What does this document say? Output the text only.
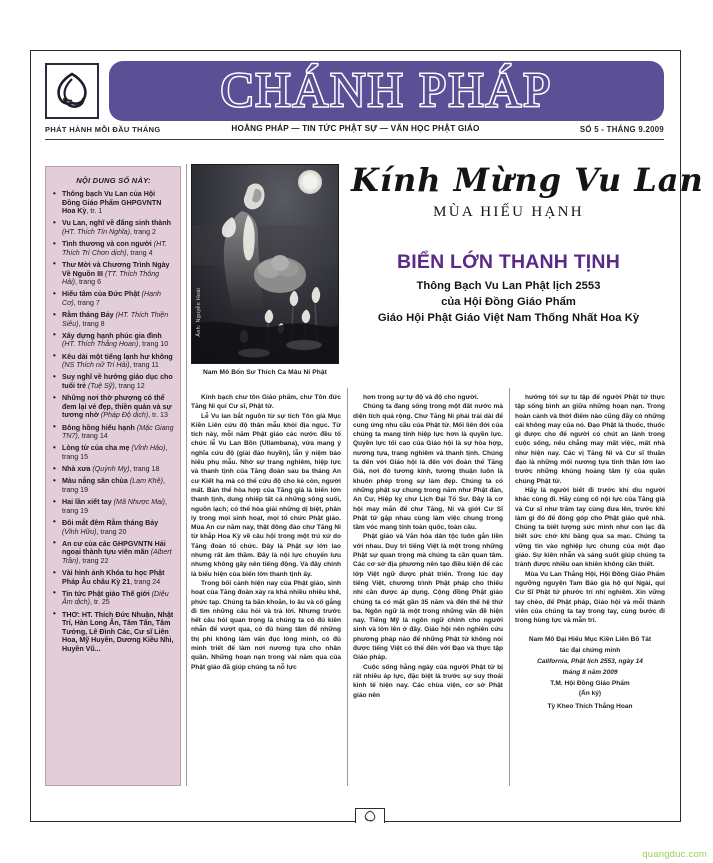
CHÁNH PHÁP
PHÁT HÀNH MỖI ĐẦU THÁNG	HOẰNG PHÁP — TIN TỨC PHẬT SỰ — VĂN HỌC PHẬT GIÁO	SỐ 5 - THÁNG 9.2009
NỘI DUNG SỐ NÀY:
• Thông bạch Vu Lan của Hội Đồng Giáo Phẩm GHPGVNTN Hoa Kỳ, tr. 1
• Vu Lan, nghĩ về đấng sinh thành (HT. Thích Tín Nghĩa), trang 2
• Tình thương và con người (HT. Thích Trí Chơn dịch), trang 4
• Thư Mời và Chương Trình Ngày Về Nguồn III (TT. Thích Thông Hải), trang 6
• Hiếu tâm của Đức Phật (Hạnh Cơ), trang 7
• Rằm tháng Bảy (HT. Thích Thiện Siêu), trang 8
• Xây dựng hạnh phúc gia đình (HT. Thích Thắng Hoan), trang 10
• Kêu dài một tiếng lạnh hư không (NS Thích nữ Trí Hải), trang 11
• Suy nghĩ về hướng giáo dục cho tuổi trẻ (Tuệ Sỹ), trang 12
• Những nơi thờ phượng có thể đem lại vẻ đẹp, thiền quán và sự tương nhờ (Pháp Độ dịch), tr. 13
• Bông hồng hiếu hạnh (Mặc Giang TN7), trang 14
• Lòng từ của cha mẹ (Vĩnh Hảo), trang 15
• Nhà xưa (Quỳnh Mỵ), trang 18
• Màu nắng sân chùa (Lam Khê), trang 19
• Hai lần xiết tay (Mã Nhược Mai), trang 19
• Đôi mắt đêm Rằm tháng Bảy (Vĩnh Hữu), trang 20
• An cư của các GHPGVNTN Hải ngoại thành tựu viên mãn (Albert Trần), trang 22
• Vài hình ảnh Khóa tu học Phật Pháp Âu châu Kỳ 21, trang 24
• Tin tức Phật giáo Thế giới (Diệu Âm dịch), tr. 25
• THƠ: HT. Thích Đức Nhuận, Nhật Trí, Hàn Long Ẩn, Tâm Tấn, Tâm Tưởng, Lê Đình Các, Cư sĩ Liên Hoa, Mỹ Huyền, Dương Kiều Nhi, Huyền Vũ...
Ảnh: Nguyễn Hoài
Nam Mô Bổn Sư Thích Ca Mâu Ni Phật
Kính Mừng Vu Lan
MÙA HIẾU HẠNH
BIỂN LỚN THANH TỊNH
Thông Bạch Vu Lan Phật lịch 2553
của Hội Đồng Giáo Phẩm
Giáo Hội Phật Giáo Việt Nam Thống Nhất Hoa Kỳ

Kính bạch chư tôn Giáo phẩm, chư Tôn đức Tăng Ni quí Cư sĩ, Phật tử.

Lễ Vu lan bắt nguồn từ sự tích Tôn giả Mục Kiền Liên cứu độ thân mẫu khỏi địa ngục. Từ tích này, mỗi năm Phật giáo các nước đều tổ chức lễ Vu Lan Bồn (Ullambana), vừa mang ý nghĩa cứu độ (giải đảo huyền), lẫn ý niệm báo hiếu phụ mẫu. Nhờ sự trang nghiêm, hiệp lực và thanh tịnh của Tăng đoàn sau ba tháng An cư Kiết hạ mà có thể cứu độ cho kẻ còn, người mất. Bản thể hòa hợp của Tăng già là biển lớn thanh tịnh, dung nhiếp tất cả những sông suối, nguồn lạch; có thể hòa giải những dị biệt, phân ly trong mọi sinh hoạt, mọi tổ chức Phật giáo. Mùa An cư năm nay, thật đông đảo chư Tăng Ni từ khắp Hoa Kỳ về câu hội trong một trú xứ do Tăng đoàn tổ chức. Đây là Phật sự lớn lao nhưng rất âm thầm. Đây là nội lực chuyển lưu nhưng không gây nên tiếng động. Và đây chính là biểu hiện của biển lớn thanh tịnh ấy.

Trong bối cảnh hiện nay của Phật giáo, sinh hoạt của Tăng đoàn xảy ra khá nhiều nhiêu khê, phức tạp. Chúng ta băn khoăn, lo âu và cố gắng đi tìm những câu hỏi và trả lời. Nhưng trước hết câu hỏi quan trọng là chúng ta có đủ kiên nhẫn để vượt qua, có đủ hùng tâm để những thị phi không làm vẩn đục lòng mình, có đủ minh triết để làm nơi nương tựa cho nhân quần. Những hoạn nạn trong vài năm qua của Phật giáo đã giúp chúng ta nỗ lực

hơn trong sự tự độ và độ cho người.

Chúng ta đang sống trong một đất nước mà diện tích quá rộng. Chư Tăng Ni phải trải dài để cung ứng nhu cầu của Phật tử. Mối liên đới của chúng ta mang tính hiệp lực hơn là quyền lực. Quyền lực tối cao của Giáo hội là sự hòa hợp, nương tựa, trang nghiêm và thanh tịnh. Chúng ta đến với Giáo hội là đến với đoàn thể Tăng Già, nơi đó tương kính, tương thuận luôn là khuôn phép trong sự làm đẹp. Chúng ta có những phật sự chung trong năm như Phật đản, An Cư, Hiệp kỵ chư Lịch Đại Tổ Sư. Đây là cơ hội may mắn để chư Tăng, Ni và giới Cư Sĩ Phật tử gặp nhau cùng làm việc chung trong tầm vóc mang tính toàn quốc, toàn cầu.

Phật giáo và Văn hóa dân tộc luôn gắn liền với nhau. Duy trì tiếng Việt là một trong những Phật sự quan trọng mà chúng ta cần quan tâm. Các cơ sở địa phương nên tạo điều kiện để các lớp Việt ngữ được phát triển. Trong lúc dạy tiếng Việt, chương trình Phật pháp cho thiếu nhi cần được áp dụng. Cộng đồng Phật giáo chúng ta có mặt gần 35 năm và đến thế hệ thứ ba. Ngôn ngữ là một trong những vấn đề hiện nay. Tiếng Mỹ là ngôn ngữ chính cho người sinh và lớn lên ở đây. Giáo hội nên nghiên cứu phương pháp nào để những Phật tử không nói được tiếng Việt có thể đến với Đạo và thực tập Giáo pháp.

Cuộc sống hằng ngày của người Phật tử bị rất nhiều áp lực, đặc biệt là trước sự suy thoái kinh tế hiện nay. Các chùa viện, cơ sở Phật giáo nên

hướng tới sự tu tập để người Phật tử thực tập sống bình an giữa những hoạn nạn. Trong hoàn cảnh và thời điểm nào cũng đầy có những cái không may của nó. Đạo Phật là thuốc, thuốc gì được cho để người có chút an lành trong cuộc sống, nếu chẳng may mất việc, mất nhà như hiện nay. Các vị Tăng Ni và Cư sĩ thuần đạo là những mối nương tựa tinh thần lớn lao trước những khủng hoảng tâm lý của quần chúng Phật tử.

Hãy là người biết đi trước khi dìu người khác cùng đi. Hãy cùng cố nội lực của Tăng già và Cư sĩ như trăm tay cùng đưa lên, trước khi làm gì đó để đóng góp cho Phật giáo quê nhà. Chúng ta biết lượng sức mình như con lạc đà biết sức chở khi băng qua sa mạc. Chúng ta vững tin vào nghiệp lực chung của một đạo giáo. Sự kiên nhẫn và sáng suốt giúp chúng ta tránh được nhiều oan khiên không cần thiết.

Mùa Vu Lan Thắng Hội, Hội Đồng Giáo Phẩm ngưỡng nguyện Tam Bảo gia hộ quí Ngài, quí Cư Sĩ Phật tử phước trí nhị nghiêm. Xin vững tay chèo, để Phật pháp, Giáo hội và mỗi thành viên của chúng ta tay trong tay, cùng bước đi trong hùng lực và mẫn trí.

Nam Mô Đại Hiếu Mục Kiền Liên Bồ Tát
tác đại chứng minh
California, Phật lịch 2553, ngày 14
tháng 8 năm 2009
T.M. Hội Đồng Giáo Phẩm
(Ấn ký)
Tỳ Kheo Thích Thắng Hoan
quangduc.com
